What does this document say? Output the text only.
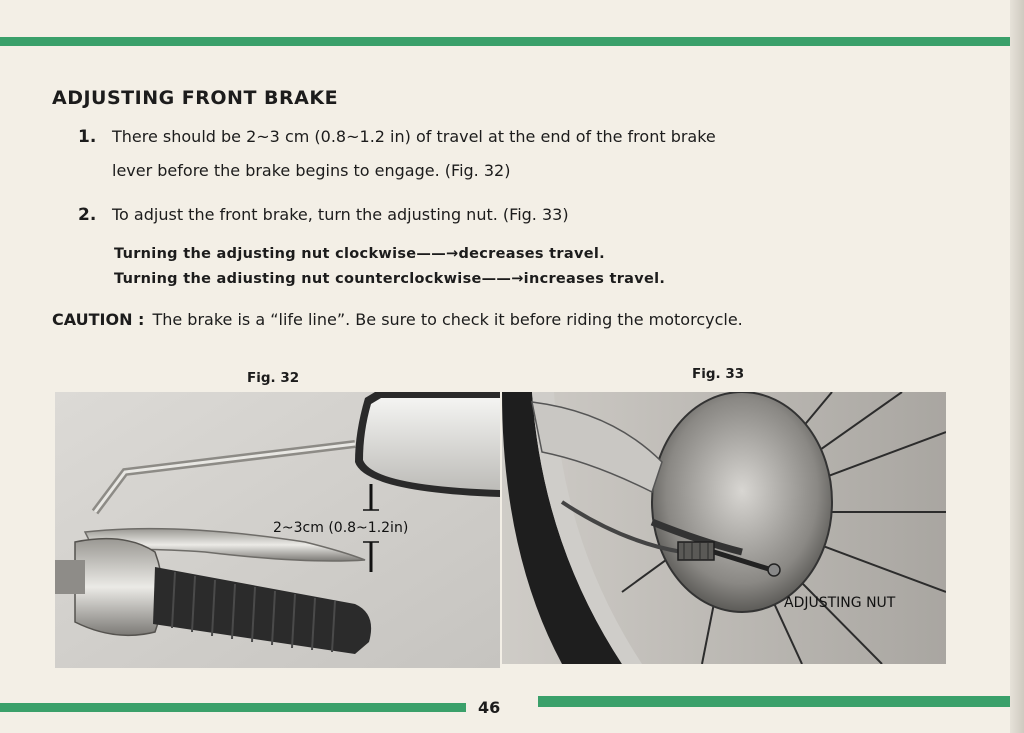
ADJUSTING FRONT BRAKE
1. There should be 2~3 cm (0.8~1.2 in) of travel at the end of the front brake
lever before the brake begins to engage. (Fig. 32)
2. To adjust the front brake, turn the adjusting nut. (Fig. 33)
Turning the adjusting nut clockwise——→decreases travel.
Turning the adiusting nut counterclockwise——→increases travel.
CAUTION : The brake is a “life line”. Be sure to check it before riding the motorcycle.
Fig. 32	Fig. 33
2~3cm (0.8~1.2in)
ADJUSTING NUT
46
